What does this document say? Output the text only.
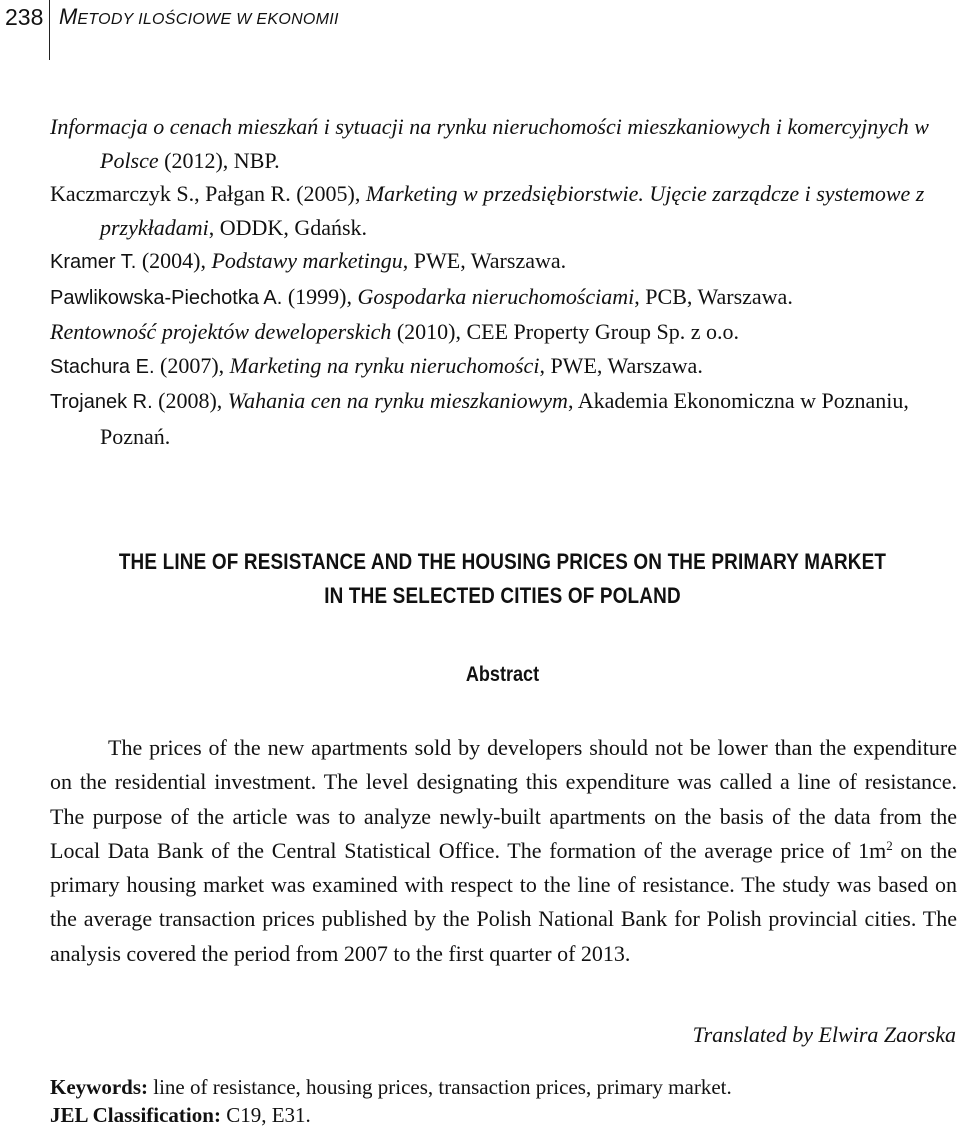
238 METODY ILOŚCIOWE W EKONOMII

Informacja o cenach mieszkań i sytuacji na rynku nieruchomości mieszkaniowych i komercyjnych w Polsce (2012), NBP.

Kaczmarczyk S., Pałgan R. (2005), Marketing w przedsiębiorstwie. Ujęcie zarządcze i systemowe z przykładami, ODDK, Gdańsk.

Kramer T. (2004), Podstawy marketingu, PWE, Warszawa.

Pawlikowska-Piechotka A. (1999), Gospodarka nieruchomościami, PCB, Warszawa.

Rentowność projektów deweloperskich (2010), CEE Property Group Sp. z o.o.

Stachura E. (2007), Marketing na rynku nieruchomości, PWE, Warszawa.

Trojanek R. (2008), Wahania cen na rynku mieszkaniowym, Akademia Ekonomiczna w Poznaniu, Poznań.

THE LINE OF RESISTANCE AND THE HOUSING PRICES ON THE PRIMARY MARKET
IN THE SELECTED CITIES OF POLAND
Abstract

The prices of the new apartments sold by developers should not be lower than the expenditure on the residential investment. The level designating this expenditure was called a line of resistance. The purpose of the article was to analyze newly-built apartments on the basis of the data from the Local Data Bank of the Central Statistical Office. The formation of the average price of $1m^2$ on the primary housing market was examined with respect to the line of resistance. The study was based on the average transaction prices published by the Polish National Bank for Polish provincial cities. The analysis covered the period from 2007 to the first quarter of 2013.

Translated by Elwira Zaorska
Keywords: line of resistance, housing prices, transaction prices, primary market.
JEL Classification: C19, E31.
